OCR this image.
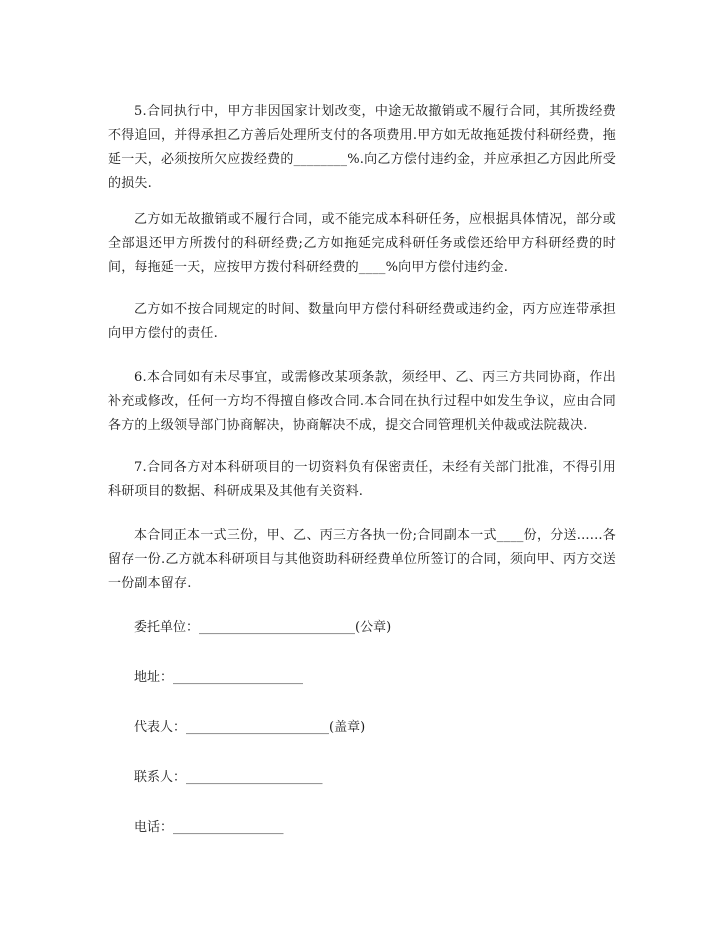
5.合同执行中，甲方非因国家计划改变，中途无故撤销或不履行合同，其所拨经费不得追回，并得承担乙方善后处理所支付的各项费用.甲方如无故拖延拨付科研经费，拖延一天，必须按所欠应拨经费的________%.向乙方偿付违约金，并应承担乙方因此所受的损失.

乙方如无故撤销或不履行合同，或不能完成本科研任务，应根据具体情况，部分或全部退还甲方所拨付的科研经费;乙方如拖延完成科研任务或偿还给甲方科研经费的时间，每拖延一天，应按甲方拨付科研经费的____%向甲方偿付违约金.

乙方如不按合同规定的时间、数量向甲方偿付科研经费或违约金，丙方应连带承担向甲方偿付的责任.

6.本合同如有未尽事宜，或需修改某项条款，须经甲、乙、丙三方共同协商，作出补充或修改，任何一方均不得擅自修改合同.本合同在执行过程中如发生争议，应由合同各方的上级领导部门协商解决，协商解决不成，提交合同管理机关仲裁或法院裁决.

7.合同各方对本科研项目的一切资料负有保密责任，未经有关部门批准，不得引用科研项目的数据、科研成果及其他有关资料.

本合同正本一式三份，甲、乙、丙三方各执一份;合同副本一式____份，分送......各留存一份.乙方就本科研项目与其他资助科研经费单位所签订的合同，须向甲、丙方交送一份副本留存.

委托单位：________________________(公章)
地址：____________________
代表人：______________________(盖章)
联系人：_____________________
电话：_________________
